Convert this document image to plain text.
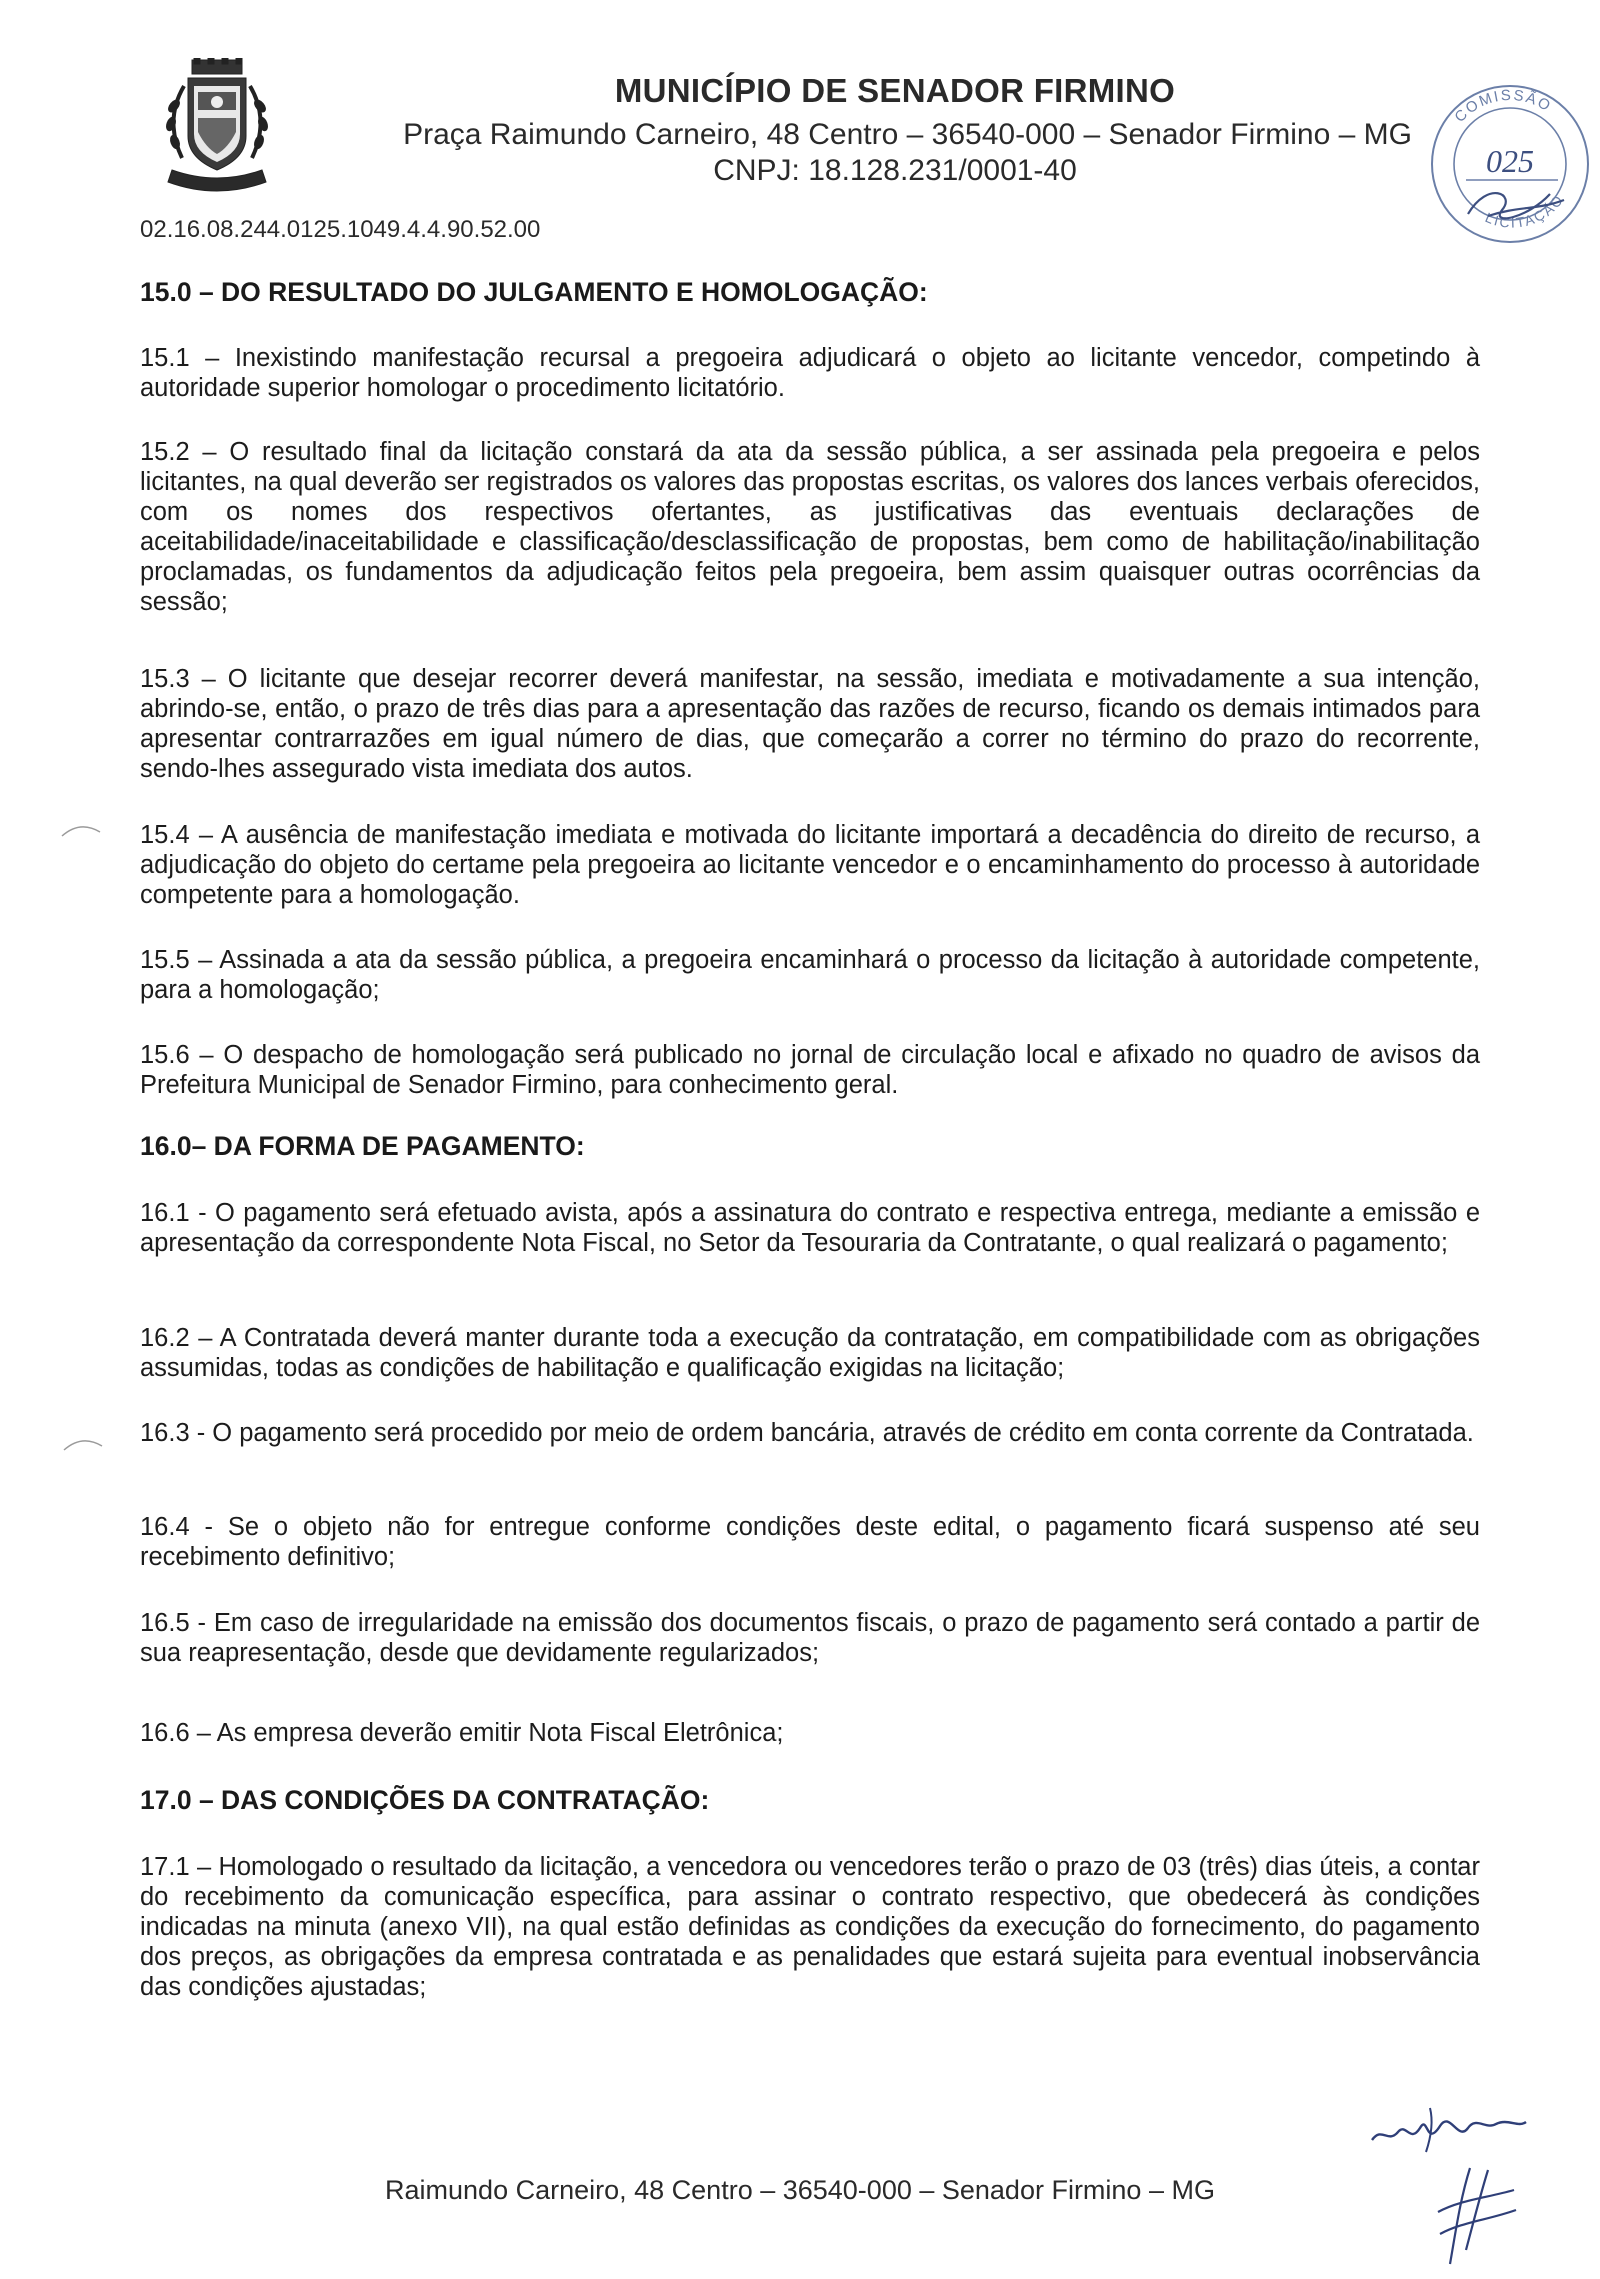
MUNICÍPIO DE SENADOR FIRMINO

Praça Raimundo Carneiro, 48 Centro – 36540-000 – Senador Firmino – MG

CNPJ: 18.128.231/0001-40

02.16.08.244.0125.1049.4.4.90.52.00
COMISSÃO
LICITAÇÃO
025
15.0 – DO RESULTADO DO JULGAMENTO E HOMOLOGAÇÃO:

15.1 – Inexistindo manifestação recursal a pregoeira adjudicará o objeto ao licitante vencedor, competindo à autoridade superior homologar o procedimento licitatório.

15.2 – O resultado final da licitação constará da ata da sessão pública, a ser assinada pela pregoeira e pelos licitantes, na qual deverão ser registrados os valores das propostas escritas, os valores dos lances verbais oferecidos, com os nomes dos respectivos ofertantes, as justificativas das eventuais declarações de aceitabilidade/inaceitabilidade e classificação/desclassificação de propostas, bem como de habilitação/inabilitação proclamadas, os fundamentos da adjudicação feitos pela pregoeira, bem assim quaisquer outras ocorrências da sessão;

15.3 – O licitante que desejar recorrer deverá manifestar, na sessão, imediata e motivadamente a sua intenção, abrindo-se, então, o prazo de três dias para a apresentação das razões de recurso, ficando os demais intimados para apresentar contrarrazões em igual número de dias, que começarão a correr no término do prazo do recorrente, sendo-lhes assegurado vista imediata dos autos.

15.4 – A ausência de manifestação imediata e motivada do licitante importará a decadência do direito de recurso, a adjudicação do objeto do certame pela pregoeira ao licitante vencedor e o encaminhamento do processo à autoridade competente para a homologação.

15.5 – Assinada a ata da sessão pública, a pregoeira encaminhará o processo da licitação à autoridade competente, para a homologação;

15.6 – O despacho de homologação será publicado no jornal de circulação local e afixado no quadro de avisos da Prefeitura Municipal de Senador Firmino, para conhecimento geral.

16.0– DA FORMA DE PAGAMENTO:

16.1 - O pagamento será efetuado avista, após a assinatura do contrato e respectiva entrega, mediante a emissão e apresentação da correspondente Nota Fiscal, no Setor da Tesouraria da Contratante, o qual realizará o pagamento;

16.2 – A Contratada deverá manter durante toda a execução da contratação, em compatibilidade com as obrigações assumidas, todas as condições de habilitação e qualificação exigidas na licitação;

16.3 - O pagamento será procedido por meio de ordem bancária, através de crédito em conta corrente da Contratada.

16.4 - Se o objeto não for entregue conforme condições deste edital, o pagamento ficará suspenso até seu recebimento definitivo;

16.5 - Em caso de irregularidade na emissão dos documentos fiscais, o prazo de pagamento será contado a partir de sua reapresentação, desde que devidamente regularizados;

16.6 – As empresa deverão emitir Nota Fiscal Eletrônica;

17.0 – DAS CONDIÇÕES DA CONTRATAÇÃO:

17.1 – Homologado o resultado da licitação, a vencedora ou vencedores terão o prazo de 03 (três) dias úteis, a contar do recebimento da comunicação específica, para assinar o contrato respectivo, que obedecerá às condições indicadas na minuta (anexo VII), na qual estão definidas as condições da execução do fornecimento, do pagamento dos preços, as obrigações da empresa contratada e as penalidades que estará sujeita para eventual inobservância das condições ajustadas;

Raimundo Carneiro, 48 Centro – 36540-000 – Senador Firmino – MG
